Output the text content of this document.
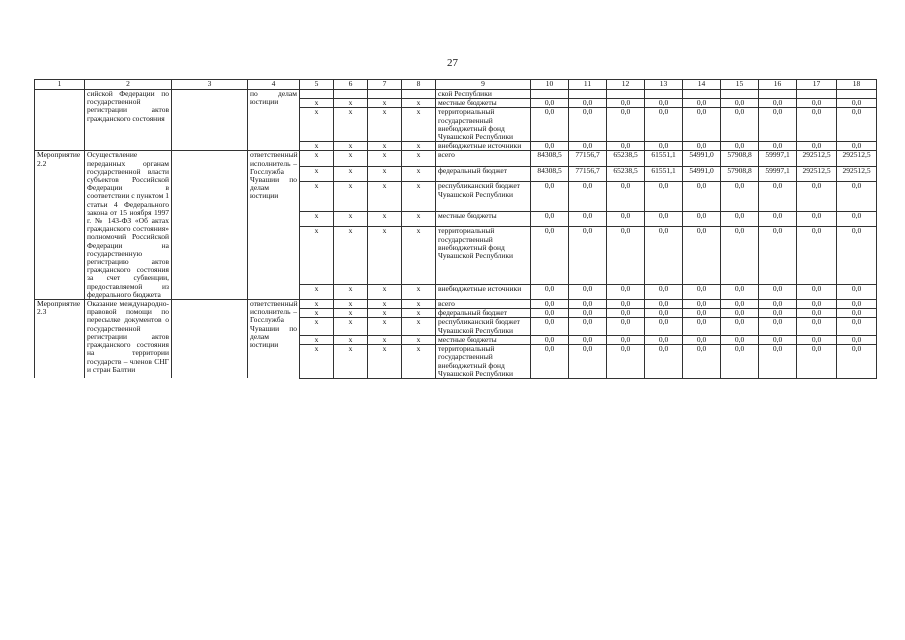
27
1	2	3	4	5	6	7	8	9	10	11	12	13	14	15	16	17	18
	сийской Федерации по государственной регистрации актов гражданского состояния		по делам юстиции					ской Республики									
				x	x	x	x	местные бюджеты	0,0	0,0	0,0	0,0	0,0	0,0	0,0	0,0	0,0
				x	x	x	x	территориальный государственный внебюджетный фонд Чувашской Республики	0,0	0,0	0,0	0,0	0,0	0,0	0,0	0,0	0,0
				x	x	x	x	внебюджетные источники	0,0	0,0	0,0	0,0	0,0	0,0	0,0	0,0	0,0
Мероприятие 2.2	Осуществление переданных органам государственной власти субъектов Российской Федерации в соответствии с пунктом 1 статьи 4 Федерального закона от 15 ноября 1997 г. № 143-ФЗ «Об актах гражданского состояния» полномочий Российской Федерации на государственную регистрацию актов гражданского состояния за счет субвенции, предоставляемой из федерального бюджета		ответственный исполнитель – Госслужба Чувашии по делам юстиции	x	x	x	x	всего	84308,5	77156,7	65238,5	61551,1	54991,0	57908,8	59997,1	292512,5	292512,5
				x	x	x	x	федеральный бюджет	84308,5	77156,7	65238,5	61551,1	54991,0	57908,8	59997,1	292512,5	292512,5
				x	x	x	x	республиканский бюджет Чувашской Республики	0,0	0,0	0,0	0,0	0,0	0,0	0,0	0,0	0,0
				x	x	x	x	местные бюджеты	0,0	0,0	0,0	0,0	0,0	0,0	0,0	0,0	0,0
				x	x	x	x	территориальный государственный внебюджетный фонд Чувашской Республики	0,0	0,0	0,0	0,0	0,0	0,0	0,0	0,0	0,0
				x	x	x	x	внебюджетные источники	0,0	0,0	0,0	0,0	0,0	0,0	0,0	0,0	0,0
Мероприятие 2.3	Оказание международно-правовой помощи по пересылке документов о государственной регистрации актов гражданского состояния на территории государств – членов СНГ и стран Балтии		ответственный исполнитель – Госслужба Чувашии по делам юстиции	x	x	x	x	всего	0,0	0,0	0,0	0,0	0,0	0,0	0,0	0,0	0,0
				x	x	x	x	федеральный бюджет	0,0	0,0	0,0	0,0	0,0	0,0	0,0	0,0	0,0
				x	x	x	x	республиканский бюджет Чувашской Республики	0,0	0,0	0,0	0,0	0,0	0,0	0,0	0,0	0,0
				x	x	x	x	местные бюджеты	0,0	0,0	0,0	0,0	0,0	0,0	0,0	0,0	0,0
				x	x	x	x	территориальный государственный внебюджетный фонд Чувашской Республики	0,0	0,0	0,0	0,0	0,0	0,0	0,0	0,0	0,0
